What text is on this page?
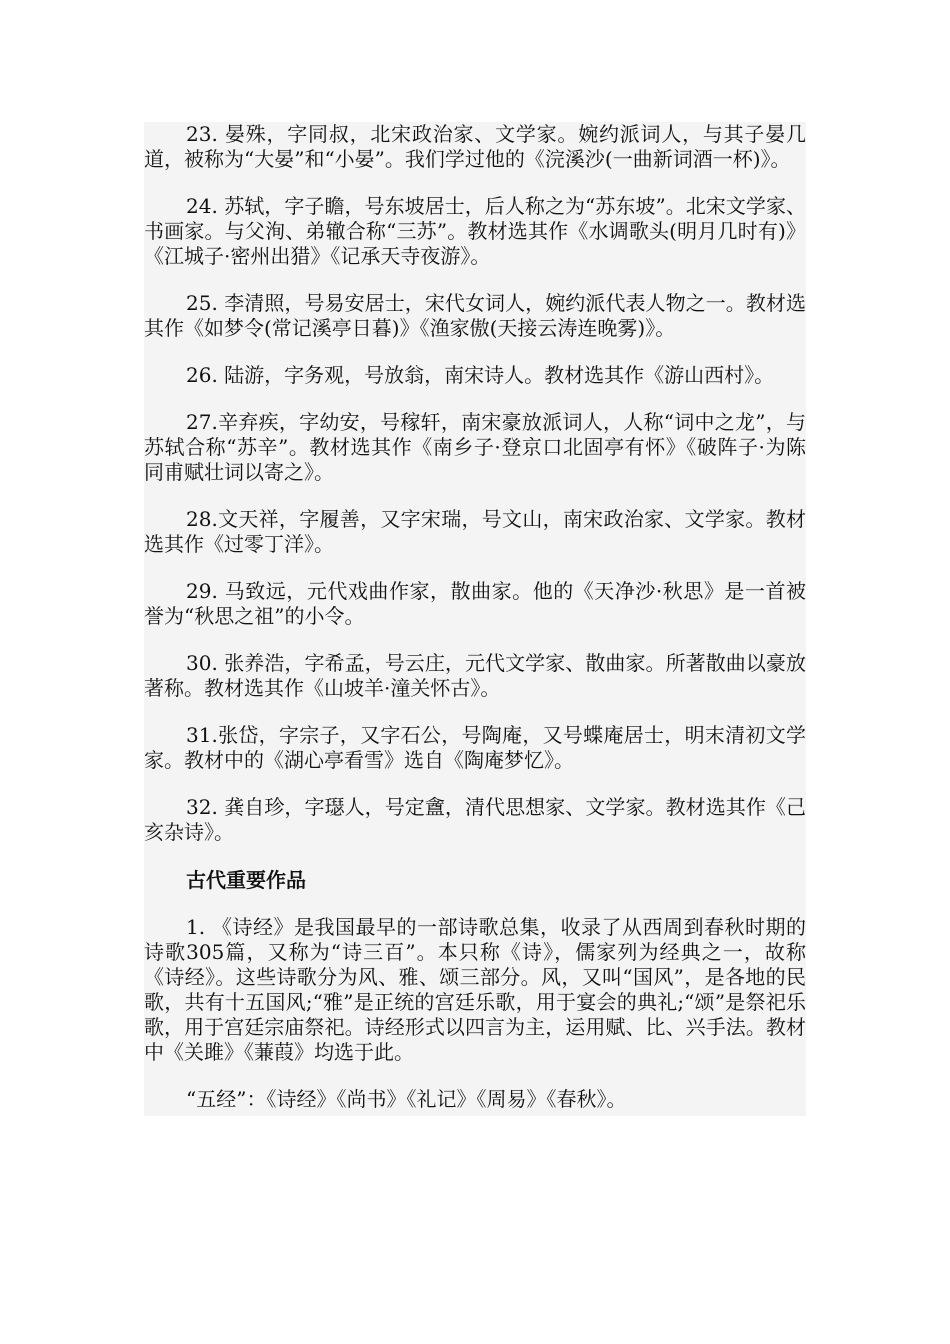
23. 晏殊，字同叔，北宋政治家、文学家。婉约派词人，与其子晏几道，被称为“大晏”和“小晏”。我们学过他的《浣溪沙(一曲新词酒一杯)》。

24. 苏轼，字子瞻，号东坡居士，后人称之为“苏东坡”。北宋文学家、书画家。与父洵、弟辙合称“三苏”。教材选其作《水调歌头(明月几时有)》《江城子·密州出猎》《记承天寺夜游》。

25. 李清照，号易安居士，宋代女词人，婉约派代表人物之一。教材选其作《如梦令(常记溪亭日暮)》《渔家傲(天接云涛连晚雾)》。

26. 陆游，字务观，号放翁，南宋诗人。教材选其作《游山西村》。

27.辛弃疾，字幼安，号稼轩，南宋豪放派词人，人称“词中之龙”，与苏轼合称“苏辛”。教材选其作《南乡子·登京口北固亭有怀》《破阵子·为陈同甫赋壮词以寄之》。

28.文天祥，字履善，又字宋瑞，号文山，南宋政治家、文学家。教材选其作《过零丁洋》。

29. 马致远，元代戏曲作家，散曲家。他的《天净沙·秋思》是一首被誉为“秋思之祖”的小令。

30. 张养浩，字希孟，号云庄，元代文学家、散曲家。所著散曲以豪放著称。教材选其作《山坡羊·潼关怀古》。

31.张岱，字宗子，又字石公，号陶庵，又号蝶庵居士，明末清初文学家。教材中的《湖心亭看雪》选自《陶庵梦忆》。

32. 龚自珍，字璱人，号定盦，清代思想家、文学家。教材选其作《己亥杂诗》。

古代重要作品

1. 《诗经》是我国最早的一部诗歌总集，收录了从西周到春秋时期的诗歌305篇，又称为“诗三百”。本只称《诗》，儒家列为经典之一，故称《诗经》。这些诗歌分为风、雅、颂三部分。风，又叫“国风”，是各地的民歌，共有十五国风;“雅”是正统的宫廷乐歌，用于宴会的典礼;“颂”是祭祀乐歌，用于宫廷宗庙祭祀。诗经形式以四言为主，运用赋、比、兴手法。教材中《关雎》《蒹葭》均选于此。

“五经”：《诗经》《尚书》《礼记》《周易》《春秋》。
